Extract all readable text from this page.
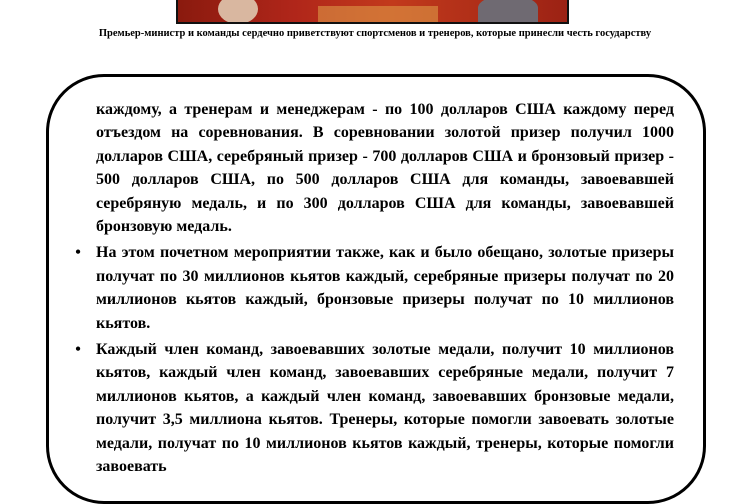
Премьер-министр и команды сердечно приветствуют спортсменов и тренеров, которые принесли честь государству

каждому, а тренерам и менеджерам - по 100 долларов США каждому перед отъездом на соревнования. В соревновании золотой призер получил 1000 долларов США, серебряный призер - 700 долларов США и бронзовый призер - 500 долларов США, по 500 долларов США для команды, завоевавшей серебряную медаль, и по 300 долларов США для команды, завоевавшей бронзовую медаль.

• На этом почетном мероприятии также, как и было обещано, золотые призеры получат по 30 миллионов кьятов каждый, серебряные призеры получат по 20 миллионов кьятов каждый, бронзовые призеры получат по 10 миллионов кьятов.

• Каждый член команд, завоевавших золотые медали, получит 10 миллионов кьятов, каждый член команд, завоевавших серебряные медали, получит 7 миллионов кьятов, а каждый член команд, завоевавших бронзовые медали, получит 3,5 миллиона кьятов. Тренеры, которые помогли завоевать золотые медали, получат по 10 миллионов кьятов каждый, тренеры, которые помогли завоевать
